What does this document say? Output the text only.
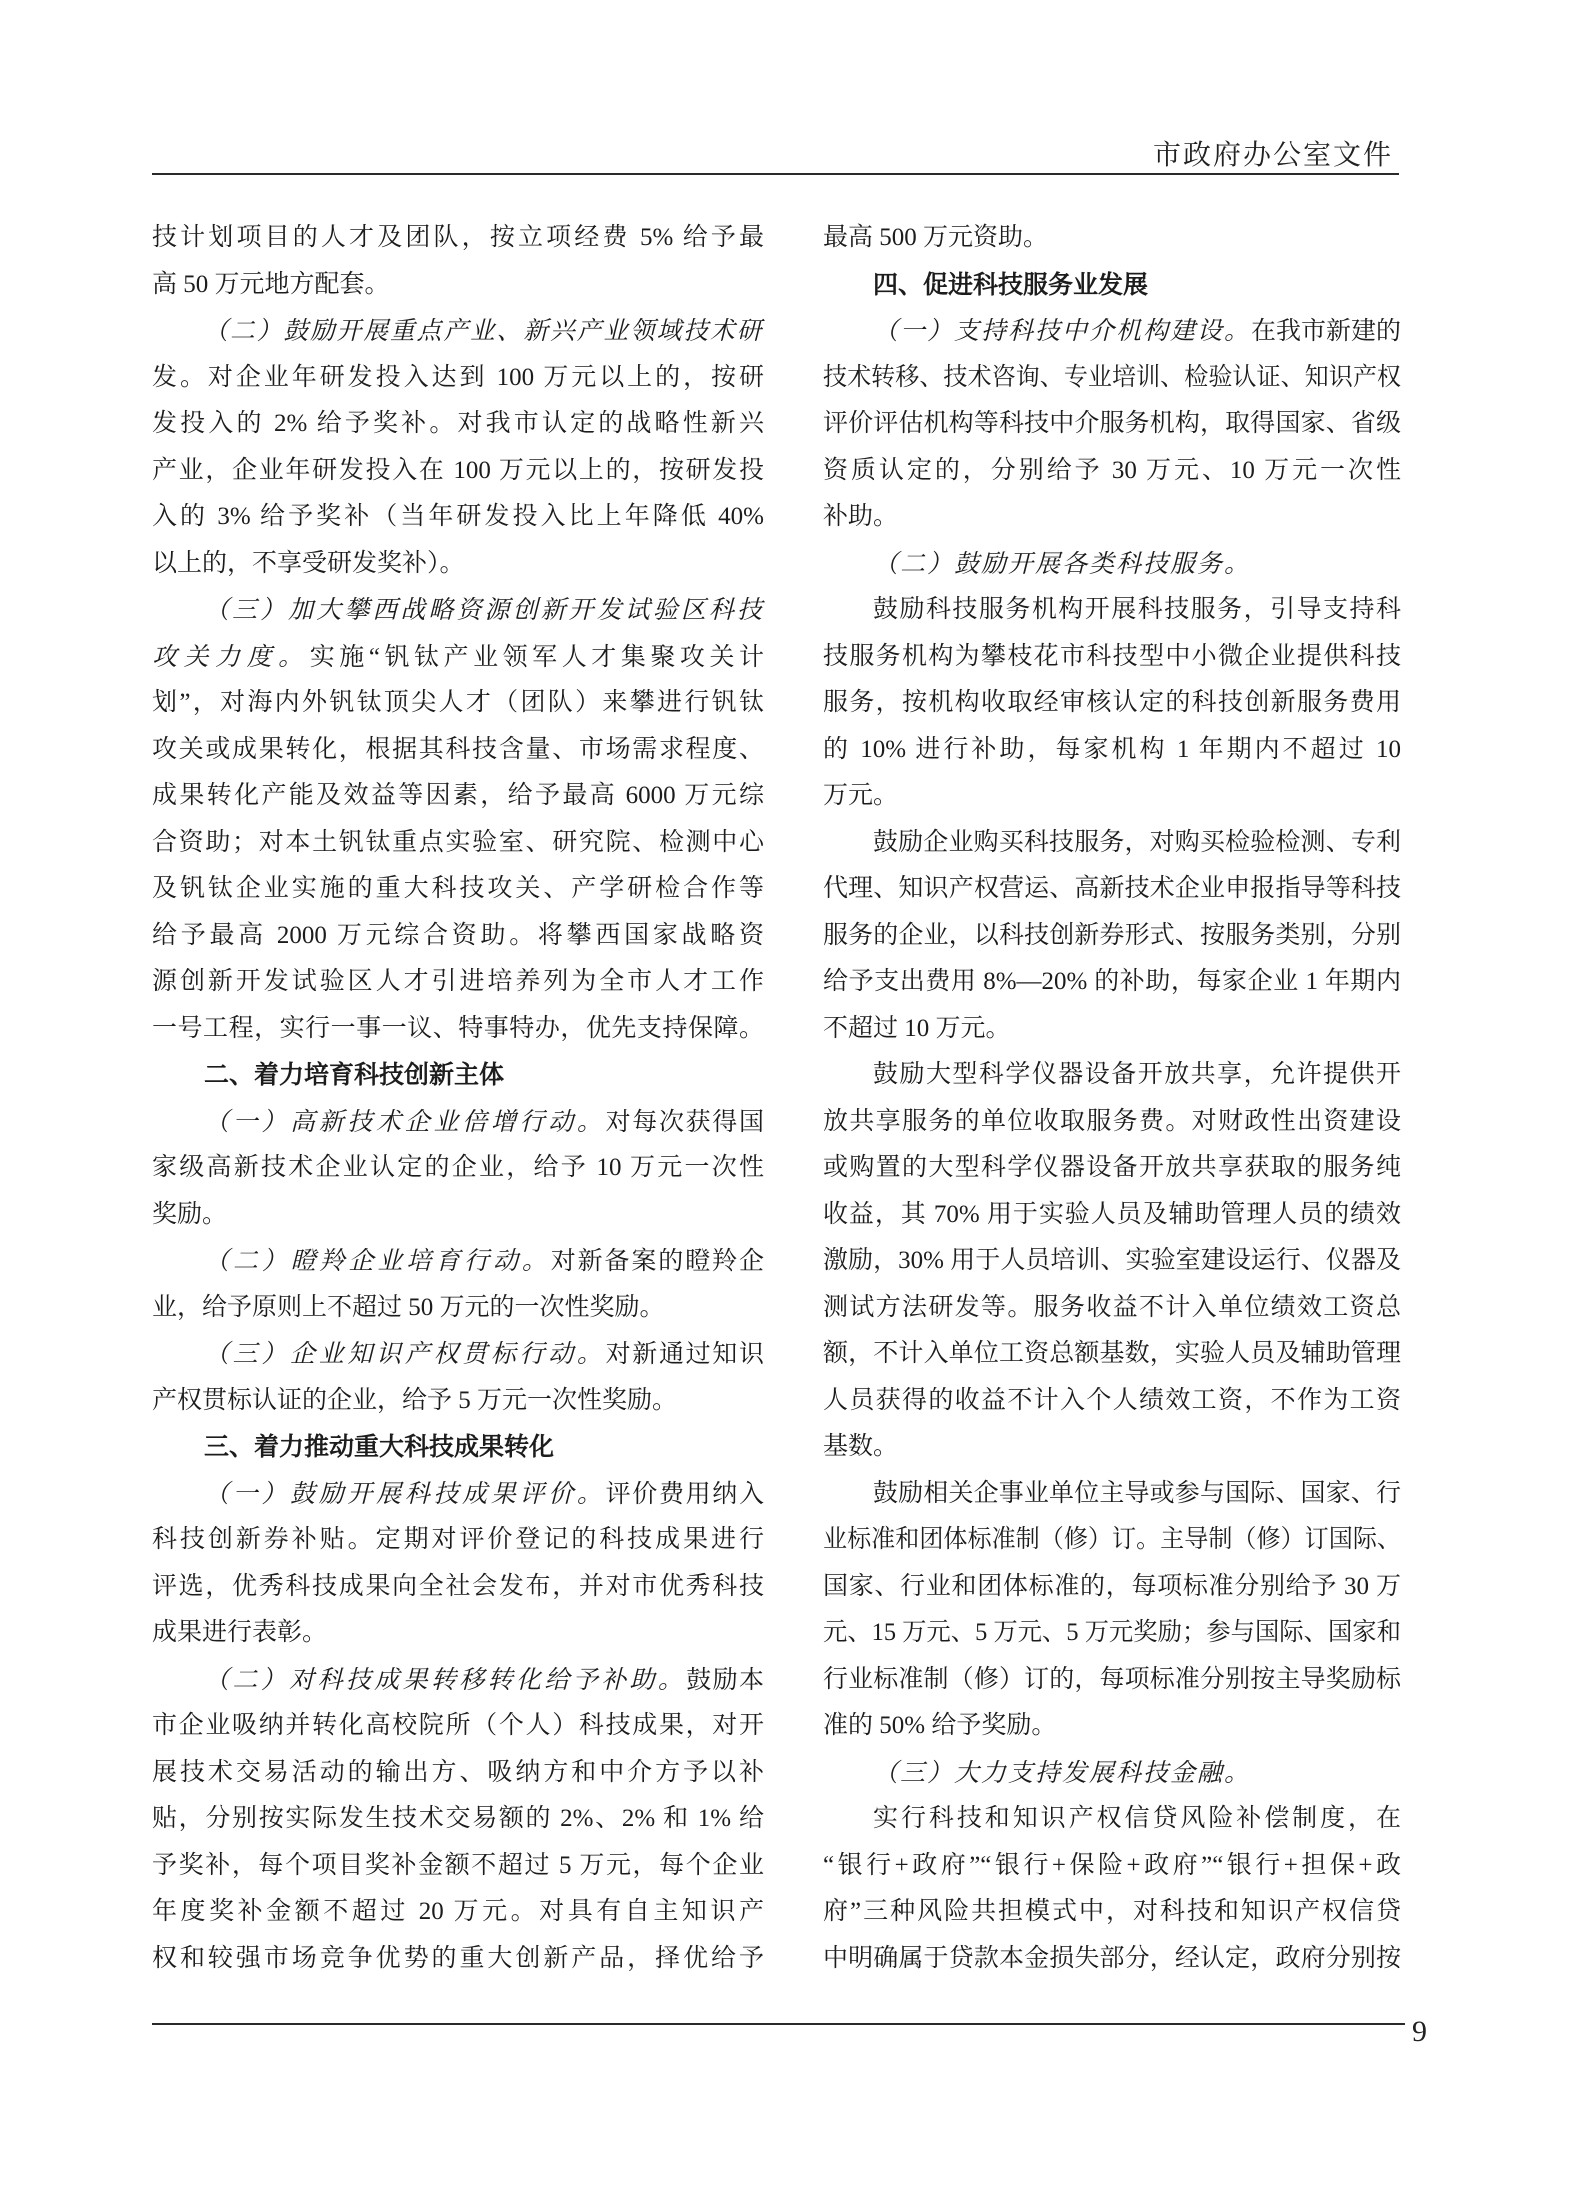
市政府办公室文件
技计划项目的人才及团队，按立项经费 5% 给予最
高 50 万元地方配套。
（二）鼓励开展重点产业、新兴产业领域技术研
发。对企业年研发投入达到 100 万元以上的，按研
发投入的 2% 给予奖补。对我市认定的战略性新兴
产业，企业年研发投入在 100 万元以上的，按研发投
入的 3% 给予奖补（当年研发投入比上年降低 40%
以上的，不享受研发奖补）。
（三）加大攀西战略资源创新开发试验区科技
攻关力度。实施“钒钛产业领军人才集聚攻关计
划”，对海内外钒钛顶尖人才（团队）来攀进行钒钛
攻关或成果转化，根据其科技含量、市场需求程度、
成果转化产能及效益等因素，给予最高 6000 万元综
合资助；对本土钒钛重点实验室、研究院、检测中心
及钒钛企业实施的重大科技攻关、产学研检合作等
给予最高 2000 万元综合资助。将攀西国家战略资
源创新开发试验区人才引进培养列为全市人才工作
一号工程，实行一事一议、特事特办，优先支持保障。
二、着力培育科技创新主体
（一）高新技术企业倍增行动。对每次获得国
家级高新技术企业认定的企业，给予 10 万元一次性
奖励。
（二）瞪羚企业培育行动。对新备案的瞪羚企
业，给予原则上不超过 50 万元的一次性奖励。
（三）企业知识产权贯标行动。对新通过知识
产权贯标认证的企业，给予 5 万元一次性奖励。
三、着力推动重大科技成果转化
（一）鼓励开展科技成果评价。评价费用纳入
科技创新券补贴。定期对评价登记的科技成果进行
评选，优秀科技成果向全社会发布，并对市优秀科技
成果进行表彰。
（二）对科技成果转移转化给予补助。鼓励本
市企业吸纳并转化高校院所（个人）科技成果，对开
展技术交易活动的输出方、吸纳方和中介方予以补
贴，分别按实际发生技术交易额的 2%、2% 和 1% 给
予奖补，每个项目奖补金额不超过 5 万元，每个企业
年度奖补金额不超过 20 万元。对具有自主知识产
权和较强市场竞争优势的重大创新产品，择优给予
最高 500 万元资助。
四、促进科技服务业发展
（一）支持科技中介机构建设。在我市新建的
技术转移、技术咨询、专业培训、检验认证、知识产权
评价评估机构等科技中介服务机构，取得国家、省级
资质认定的，分别给予 30 万元、10 万元一次性
补助。
（二）鼓励开展各类科技服务。
鼓励科技服务机构开展科技服务，引导支持科
技服务机构为攀枝花市科技型中小微企业提供科技
服务，按机构收取经审核认定的科技创新服务费用
的 10% 进行补助，每家机构 1 年期内不超过 10
万元。
鼓励企业购买科技服务，对购买检验检测、专利
代理、知识产权营运、高新技术企业申报指导等科技
服务的企业，以科技创新券形式、按服务类别，分别
给予支出费用 8%—20% 的补助，每家企业 1 年期内
不超过 10 万元。
鼓励大型科学仪器设备开放共享，允许提供开
放共享服务的单位收取服务费。对财政性出资建设
或购置的大型科学仪器设备开放共享获取的服务纯
收益，其 70% 用于实验人员及辅助管理人员的绩效
激励，30% 用于人员培训、实验室建设运行、仪器及
测试方法研发等。服务收益不计入单位绩效工资总
额，不计入单位工资总额基数，实验人员及辅助管理
人员获得的收益不计入个人绩效工资，不作为工资
基数。
鼓励相关企事业单位主导或参与国际、国家、行
业标准和团体标准制（修）订。主导制（修）订国际、
国家、行业和团体标准的，每项标准分别给予 30 万
元、15 万元、5 万元、5 万元奖励；参与国际、国家和
行业标准制（修）订的，每项标准分别按主导奖励标
准的 50% 给予奖励。
（三）大力支持发展科技金融。
实行科技和知识产权信贷风险补偿制度，在
“银行+政府”“银行+保险+政府”“银行+担保+政
府”三种风险共担模式中，对科技和知识产权信贷
中明确属于贷款本金损失部分，经认定，政府分别按
9
